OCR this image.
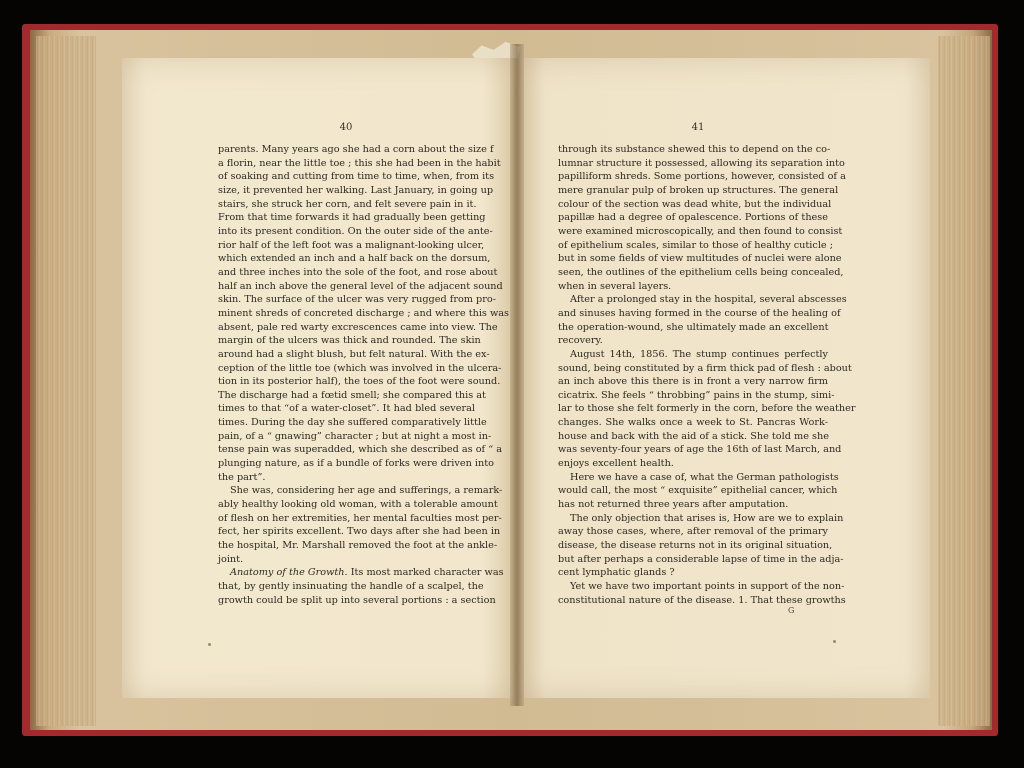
40	41
parents. Many years ago she had a corn about the size f
a florin, near the little toe ; this she had been in the habit
of soaking and cutting from time to time, when, from its
size, it prevented her walking. Last January, in going up
stairs, she struck her corn, and felt severe pain in it.
From that time forwards it had gradually been getting
into its present condition. On the outer side of the ante-
rior half of the left foot was a malignant-looking ulcer,
which extended an inch and a half back on the dorsum,
and three inches into the sole of the foot, and rose about
half an inch above the general level of the adjacent sound
skin. The surface of the ulcer was very rugged from pro-
minent shreds of concreted discharge ; and where this was
absent, pale red warty excrescences came into view. The
margin of the ulcers was thick and rounded. The skin
around had a slight blush, but felt natural. With the ex-
ception of the little toe (which was involved in the ulcera-
tion in its posterior half), the toes of the foot were sound.
The discharge had a fœtid smell; she compared this at
times to that “of a water-closet”. It had bled several
times. During the day she suffered comparatively little
pain, of a “ gnawing” character ; but at night a most in-
tense pain was superadded, which she described as of “ a
plunging nature, as if a bundle of forks were driven into
the part”.
She was, considering her age and sufferings, a remark-
ably healthy looking old woman, with a tolerable amount
of flesh on her extremities, her mental faculties most per-
fect, her spirits excellent. Two days after she had been in
the hospital, Mr. Marshall removed the foot at the ankle-
joint.
Anatomy of the Growth. Its most marked character was
that, by gently insinuating the handle of a scalpel, the
growth could be split up into several portions : a section
through its substance shewed this to depend on the co-
lumnar structure it possessed, allowing its separation into
papilliform shreds. Some portions, however, consisted of a
mere granular pulp of broken up structures. The general
colour of the section was dead white, but the individual
papillæ had a degree of opalescence. Portions of these
were examined microscopically, and then found to consist
of epithelium scales, similar to those of healthy cuticle ;
but in some fields of view multitudes of nuclei were alone
seen, the outlines of the epithelium cells being concealed,
when in several layers.
After a prolonged stay in the hospital, several abscesses
and sinuses having formed in the course of the healing of
the operation-wound, she ultimately made an excellent
recovery.
August 14th, 1856. The stump continues perfectly
sound, being constituted by a firm thick pad of flesh : about
an inch above this there is in front a very narrow firm
cicatrix. She feels “ throbbing” pains in the stump, simi-
lar to those she felt formerly in the corn, before the weather
changes. She walks once a week to St. Pancras Work-
house and back with the aid of a stick. She told me she
was seventy-four years of age the 16th of last March, and
enjoys excellent health.
Here we have a case of, what the German pathologists
would call, the most “ exquisite” epithelial cancer, which
has not returned three years after amputation.
The only objection that arises is, How are we to explain
away those cases, where, after removal of the primary
disease, the disease returns not in its original situation,
but after perhaps a considerable lapse of time in the adja-
cent lymphatic glands ?
Yet we have two important points in support of the non-
constitutional nature of the disease. 1. That these growths
G
